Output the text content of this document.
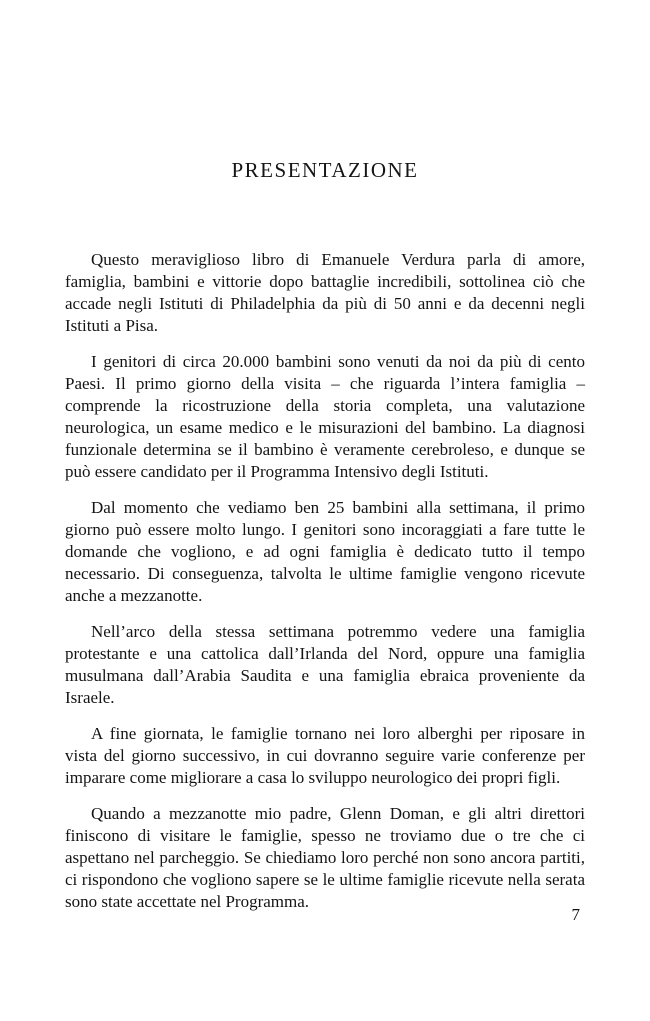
PRESENTAZIONE

Questo meraviglioso libro di Emanuele Verdura parla di amore, famiglia, bambini e vittorie dopo battaglie incredibili, sottolinea ciò che accade negli Istituti di Philadelphia da più di 50 anni e da decenni negli Istituti a Pisa.

I genitori di circa 20.000 bambini sono venuti da noi da più di cento Paesi. Il primo giorno della visita – che riguarda l’intera famiglia – comprende la ricostruzione della storia completa, una valutazione neurologica, un esame medico e le misurazioni del bambino. La diagnosi funzionale determina se il bambino è veramente cerebroleso, e dunque se può essere candidato per il Programma Intensivo degli Istituti.

Dal momento che vediamo ben 25 bambini alla settimana, il primo giorno può essere molto lungo. I genitori sono incoraggiati a fare tutte le domande che vogliono, e ad ogni famiglia è dedicato tutto il tempo necessario. Di conseguenza, talvolta le ultime famiglie vengono ricevute anche a mezzanotte.

Nell’arco della stessa settimana potremmo vedere una famiglia protestante e una cattolica dall’Irlanda del Nord, oppure una famiglia musulmana dall’Arabia Saudita e una famiglia ebraica proveniente da Israele.

A fine giornata, le famiglie tornano nei loro alberghi per riposare in vista del giorno successivo, in cui dovranno seguire varie conferenze per imparare come migliorare a casa lo sviluppo neurologico dei propri figli.

Quando a mezzanotte mio padre, Glenn Doman, e gli altri direttori finiscono di visitare le famiglie, spesso ne troviamo due o tre che ci aspettano nel parcheggio. Se chiediamo loro perché non sono ancora partiti, ci rispondono che vogliono sapere se le ultime famiglie ricevute nella serata sono state accettate nel Programma.

7
